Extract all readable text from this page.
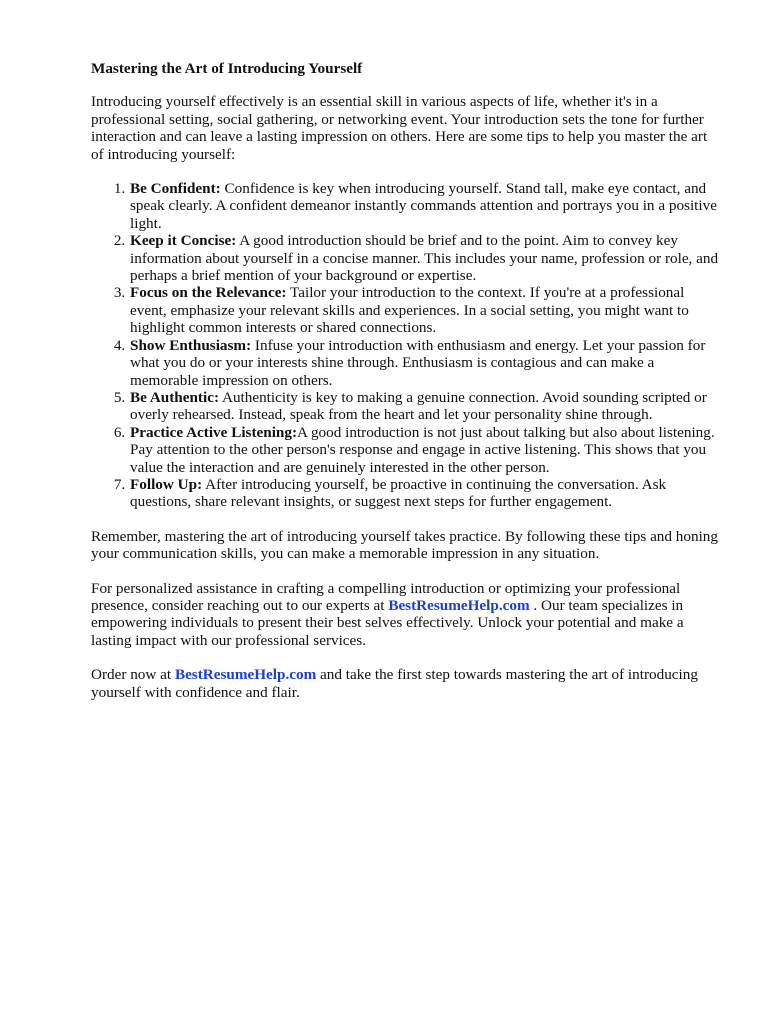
Mastering the Art of Introducing Yourself

Introducing yourself effectively is an essential skill in various aspects of life, whether it's in a professional setting, social gathering, or networking event. Your introduction sets the tone for further interaction and can leave a lasting impression on others. Here are some tips to help you master the art of introducing yourself:

1. Be Confident: Confidence is key when introducing yourself. Stand tall, make eye contact, and speak clearly. A confident demeanor instantly commands attention and portrays you in a positive light.
2. Keep it Concise: A good introduction should be brief and to the point. Aim to convey key information about yourself in a concise manner. This includes your name, profession or role, and perhaps a brief mention of your background or expertise.
3. Focus on the Relevance: Tailor your introduction to the context. If you're at a professional event, emphasize your relevant skills and experiences. In a social setting, you might want to highlight common interests or shared connections.
4. Show Enthusiasm: Infuse your introduction with enthusiasm and energy. Let your passion for what you do or your interests shine through. Enthusiasm is contagious and can make a memorable impression on others.
5. Be Authentic: Authenticity is key to making a genuine connection. Avoid sounding scripted or overly rehearsed. Instead, speak from the heart and let your personality shine through.
6. Practice Active Listening:A good introduction is not just about talking but also about listening. Pay attention to the other person's response and engage in active listening. This shows that you value the interaction and are genuinely interested in the other person.
7. Follow Up: After introducing yourself, be proactive in continuing the conversation. Ask questions, share relevant insights, or suggest next steps for further engagement.

Remember, mastering the art of introducing yourself takes practice. By following these tips and honing your communication skills, you can make a memorable impression in any situation.

For personalized assistance in crafting a compelling introduction or optimizing your professional presence, consider reaching out to our experts at BestResumeHelp.com . Our team specializes in empowering individuals to present their best selves effectively. Unlock your potential and make a lasting impact with our professional services.

Order now at BestResumeHelp.com and take the first step towards mastering the art of introducing yourself with confidence and flair.
